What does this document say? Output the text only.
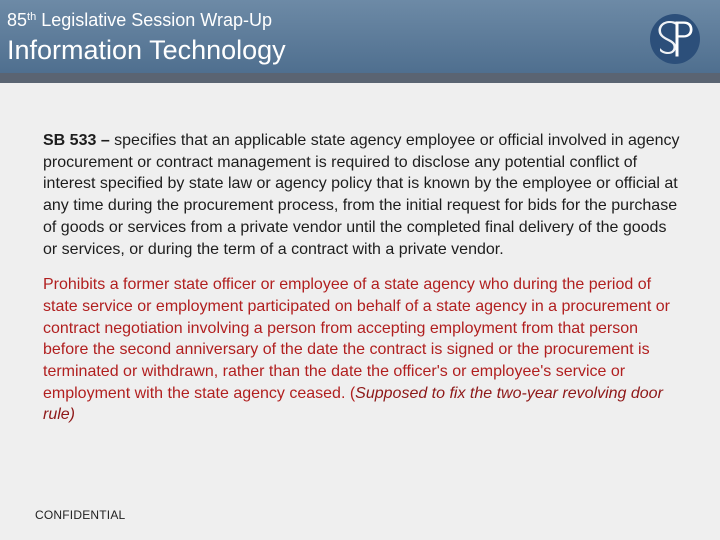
85th Legislative Session Wrap-Up
Information Technology

SB 533 – specifies that an applicable state agency employee or official involved in agency procurement or contract management is required to disclose any potential conflict of interest specified by state law or agency policy that is known by the employee or official at any time during the procurement process, from the initial request for bids for the purchase of goods or services from a private vendor until the completed final delivery of the goods or services, or during the term of a contract with a private vendor.

Prohibits a former state officer or employee of a state agency who during the period of state service or employment participated on behalf of a state agency in a procurement or contract negotiation involving a person from accepting employment from that person before the second anniversary of the date the contract is signed or the procurement is terminated or withdrawn, rather than the date the officer's or employee's service or employment with the state agency ceased. (Supposed to fix the two-year revolving door rule)

CONFIDENTIAL
